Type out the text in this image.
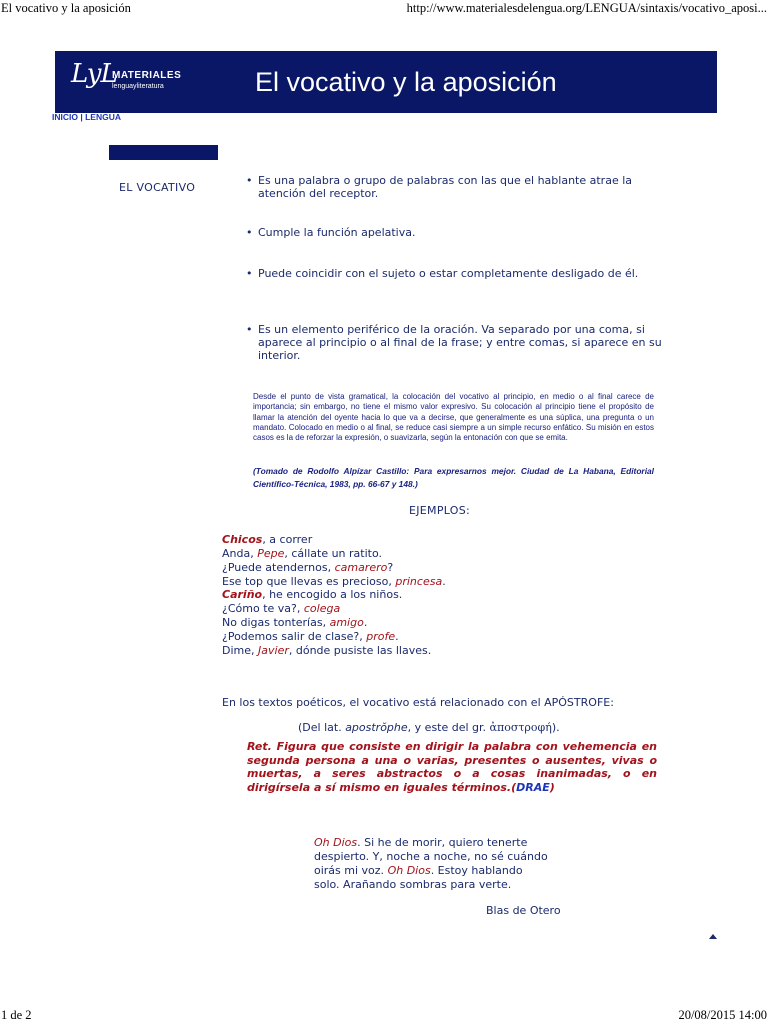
El vocativo y la aposición	http://www.materialesdelengua.org/LENGUA/sintaxis/vocativo_aposi...
LyL
MATERIALES
lenguayliteratura	El vocativo y la aposición
INICIO | LENGUA
EL VOCATIVO
• Es una palabra o grupo de palabras con las que el hablante atrae la atención del receptor.
• Cumple la función apelativa.
• Puede coincidir con el sujeto o estar completamente desligado de él.
• Es un elemento periférico de la oración. Va separado por una coma, si aparece al principio o al final de la frase; y entre comas, si aparece en su interior.
Desde el punto de vista gramatical, la colocación del vocativo al principio, en medio o al final carece de importancia; sin embargo, no tiene el mismo valor expresivo. Su colocación al principio tiene el propósito de llamar la atención del oyente hacia lo que va a decirse, que generalmente es una súplica, una pregunta o un mandato. Colocado en medio o al final, se reduce casi siempre a un simple recurso enfático. Su misión en estos casos es la de reforzar la expresión, o suavizarla, según la entonación con que se emita.
(Tomado de Rodolfo Alpízar Castillo: Para expresarnos mejor. Ciudad de La Habana, Editorial Científico-Técnica, 1983, pp. 66-67 y 148.)
EJEMPLOS:
Chicos, a correr
Anda, Pepe, cállate un ratito.
¿Puede atendernos, camarero?
Ese top que llevas es precioso, princesa.
Cariño, he encogido a los niños.
¿Cómo te va?, colega
No digas tonterías, amigo.
¿Podemos salir de clase?, profe.
Dime, Javier, dónde pusiste las llaves.
En los textos poéticos, el vocativo está relacionado con el APÓSTROFE:
(Del lat. apostrŏphe, y este del gr. ἀποστροφή).
Ret. Figura que consiste en dirigir la palabra con vehemencia en segunda persona a una o varias, presentes o ausentes, vivas o muertas, a seres abstractos o a cosas inanimadas, o en dirigírsela a sí mismo en iguales términos.(DRAE)
Oh Dios. Si he de morir, quiero tenerte
despierto. Y, noche a noche, no sé cuándo
oirás mi voz. Oh Dios. Estoy hablando
solo. Arañando sombras para verte.
Blas de Otero
1 de 2	20/08/2015 14:00
